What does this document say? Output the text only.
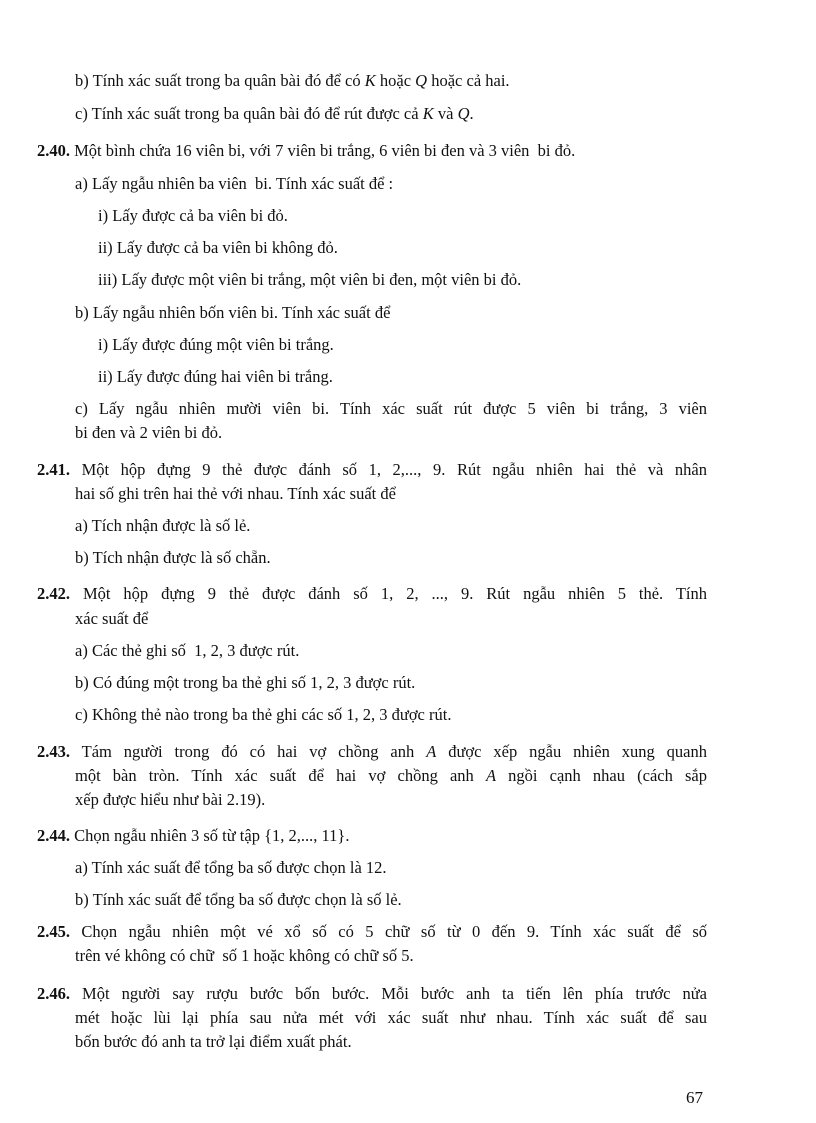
b) Tính xác suất trong ba quân bài đó để có K hoặc Q hoặc cả hai.
c) Tính xác suất trong ba quân bài đó để rút được cả K và Q.
2.40. Một bình chứa 16 viên bi, với 7 viên bi trắng, 6 viên bi đen và 3 viên  bi đỏ.
a) Lấy ngẫu nhiên ba viên  bi. Tính xác suất để :
i) Lấy được cả ba viên bi đỏ.
ii) Lấy được cả ba viên bi không đỏ.
iii) Lấy được một viên bi trắng, một viên bi đen, một viên bi đỏ.
b) Lấy ngẫu nhiên bốn viên bi. Tính xác suất để
i) Lấy được đúng một viên bi trắng.
ii) Lấy được đúng hai viên bi trắng.
c) Lấy ngẫu nhiên mười viên bi. Tính xác suất rút được 5 viên bi trắng, 3 viên
bi đen và 2 viên bi đỏ.
2.41. Một hộp đựng 9 thẻ được đánh số 1, 2,..., 9. Rút ngẫu nhiên hai thẻ và nhân
hai số ghi trên hai thẻ với nhau. Tính xác suất để
a) Tích nhận được là số lẻ.
b) Tích nhận được là số chẵn.
2.42. Một hộp đựng 9 thẻ được đánh số 1, 2, ..., 9. Rút ngẫu nhiên 5 thẻ. Tính
xác suất để
a) Các thẻ ghi số  1, 2, 3 được rút.
b) Có đúng một trong ba thẻ ghi số 1, 2, 3 được rút.
c) Không thẻ nào trong ba thẻ ghi các số 1, 2, 3 được rút.
2.43. Tám người trong đó có hai vợ chồng anh A được xếp ngẫu nhiên xung quanh
một bàn tròn. Tính xác suất để hai vợ chồng anh A ngồi cạnh nhau (cách sắp
xếp được hiểu như bài 2.19).
2.44. Chọn ngẫu nhiên 3 số từ tập {1, 2,..., 11}.
a) Tính xác suất để tổng ba số được chọn là 12.
b) Tính xác suất để tổng ba số được chọn là số lẻ.
2.45. Chọn ngẫu nhiên một vé xổ số có 5 chữ số từ 0 đến 9. Tính xác suất để số
trên vé không có chữ  số 1 hoặc không có chữ số 5.
2.46. Một người say rượu bước bốn bước. Mỗi bước anh ta tiến lên phía trước nửa
mét hoặc lùi lại phía sau nửa mét với xác suất như nhau. Tính xác suất để sau
bốn bước đó anh ta trở lại điểm xuất phát.
67
